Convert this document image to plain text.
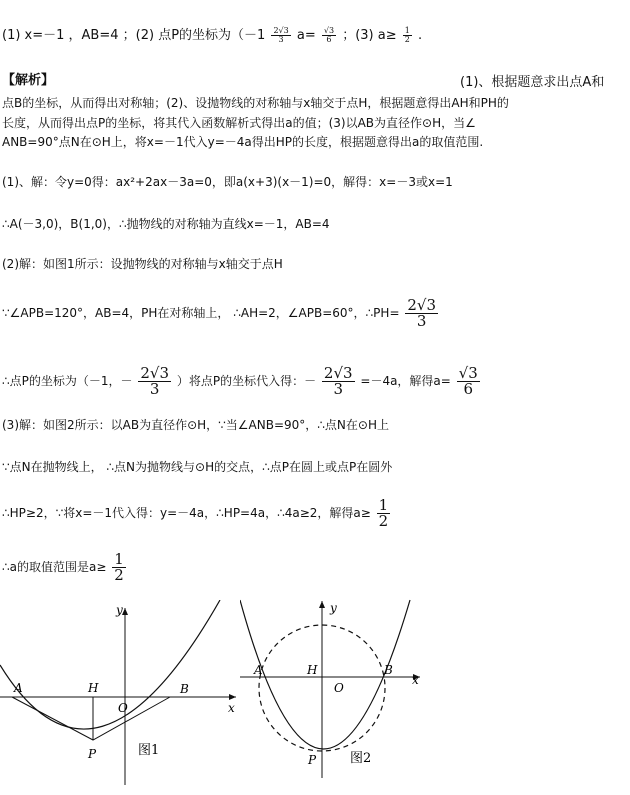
(1) x=－1 ，AB=4 ；(2) 点P的坐标为（$-1 \frac{2√3}{3} a= \frac{√3}{6}$ ；(3) $a\ge \frac{1}{2}$ .
【解析】	(1)、根据题意求出点A和
点B的坐标，从而得出对称轴；(2)、设抛物线的对称轴与x轴交于点H，根据题意得出AH和PH的
长度，从而得出点P的坐标，将其代入函数解析式得出a的值；(3)以AB为直径作⊙H，当∠
ANB=90°点N在⊙H上，将x=－1代入y=－4a得出HP的长度，根据题意得出a的取值范围.
(1)、解：令y=0得：ax²+2ax－3a=0，即a(x+3)(x－1)=0，解得：x=－3或x=1
∴A(－3,0)，B(1,0)，∴抛物线的对称轴为直线x=－1，AB=4
(2)解：如图1所示：设抛物线的对称轴与x轴交于点H
∵∠APB=120°，AB=4，PH在对称轴上， ∴AH=2，∠APB=60°，∴PH= $\frac{2√3}{3}$
∴点P的坐标为（－1，－ $\frac{2√3}{3}$ ）将点P的坐标代入得：－ $\frac{2√3}{3} =-4a$，解得$a= \frac{√3}{6}$
(3)解：如图2所示：以AB为直径作⊙H，∵当∠ANB=90°，∴点N在⊙H上
∵点N在抛物线上， ∴点N为抛物线与⊙H的交点，∴点P在圆上或点P在圆外
∴HP≥2，∵将x=－1代入得：y=－4a，∴HP=4a，∴4a≥2，解得$a\ge \frac{1}{2}$
∴a的取值范围是$a\ge \frac{1}{2}$
y
x
A	H
O
B
P	图1
y
x
A	H
O
B
P	图2
